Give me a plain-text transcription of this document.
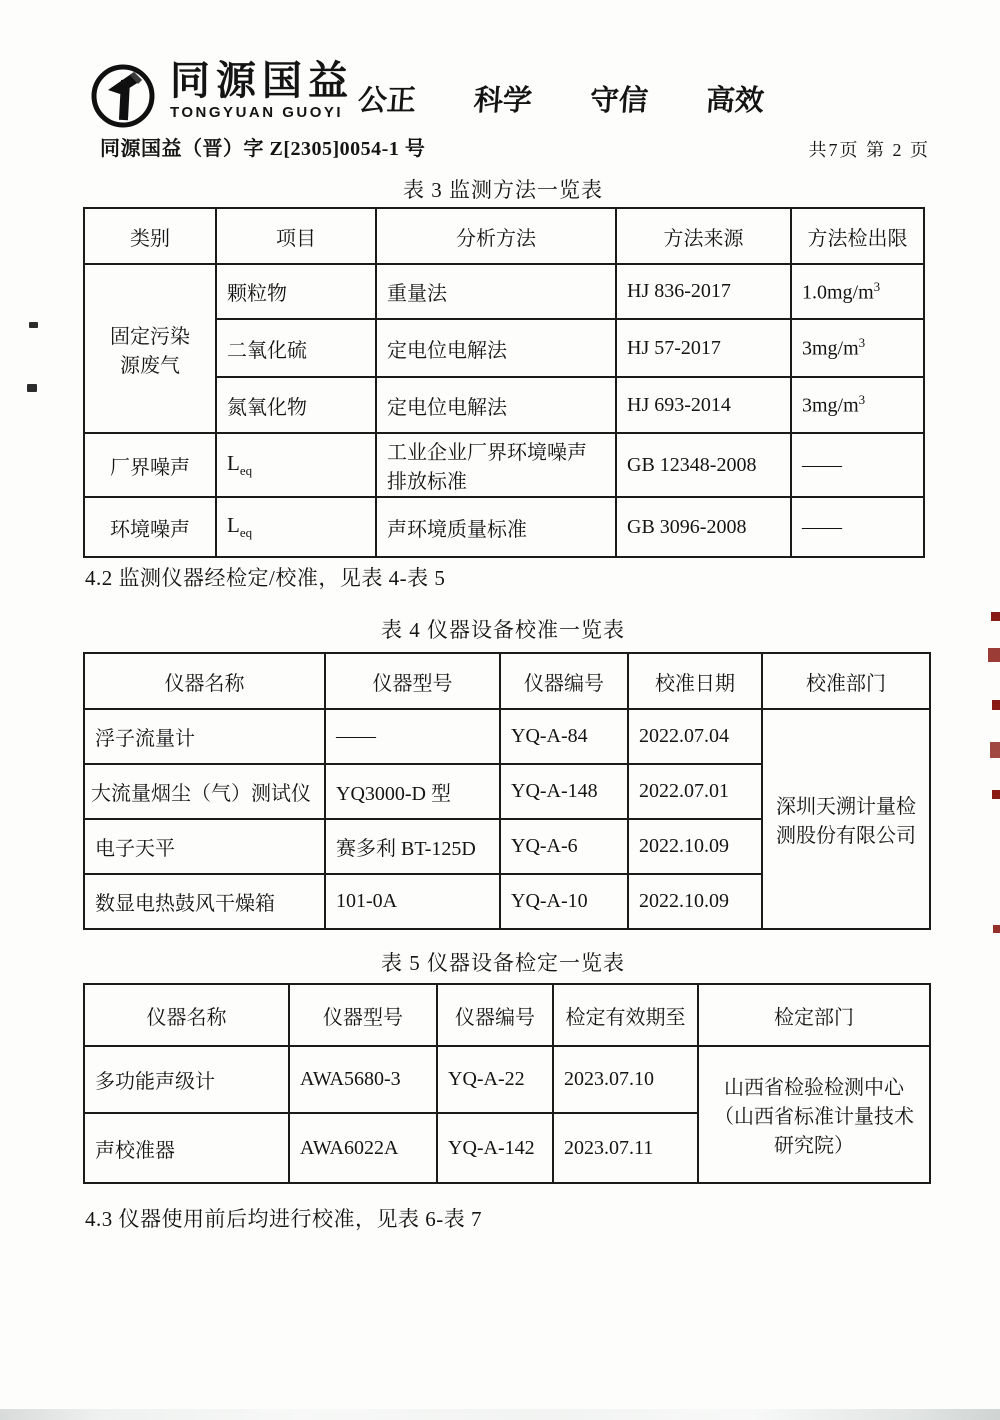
同源国益
TONGYUAN GUOYI 公正 科学 守信 高效
同源国益（晋）字 Z[2305]0054-1 号	共7页 第 2 页
表 3 监测方法一览表
类别	项目	分析方法	方法来源	方法检出限
固定污染源废气	颗粒物	重量法	HJ 836-2017	$1.0mg/m^3$
	二氧化硫	定电位电解法	HJ 57-2017	$3mg/m^3$
	氮氧化物	定电位电解法	HJ 693-2014	$3mg/m^3$
厂界噪声	$L_{eq}$	工业企业厂界环境噪声排放标准	GB 12348-2008	——
环境噪声	$L_{eq}$	声环境质量标准	GB 3096-2008	——
4.2 监测仪器经检定/校准，见表 4-表 5
表 4 仪器设备校准一览表
仪器名称	仪器型号	仪器编号	校准日期	校准部门
浮子流量计	——	YQ-A-84	2022.07.04	深圳天溯计量检测股份有限公司
大流量烟尘（气）测试仪	YQ3000-D 型	YQ-A-148	2022.07.01	
电子天平	赛多利 BT-125D	YQ-A-6	2022.10.09	
数显电热鼓风干燥箱	101-0A	YQ-A-10	2022.10.09	
表 5 仪器设备检定一览表
仪器名称	仪器型号	仪器编号	检定有效期至	检定部门
多功能声级计	AWA5680-3	YQ-A-22	2023.07.10	山西省检验检测中心（山西省标准计量技术研究院）
声校准器	AWA6022A	YQ-A-142	2023.07.11	
4.3 仪器使用前后均进行校准，见表 6-表 7
